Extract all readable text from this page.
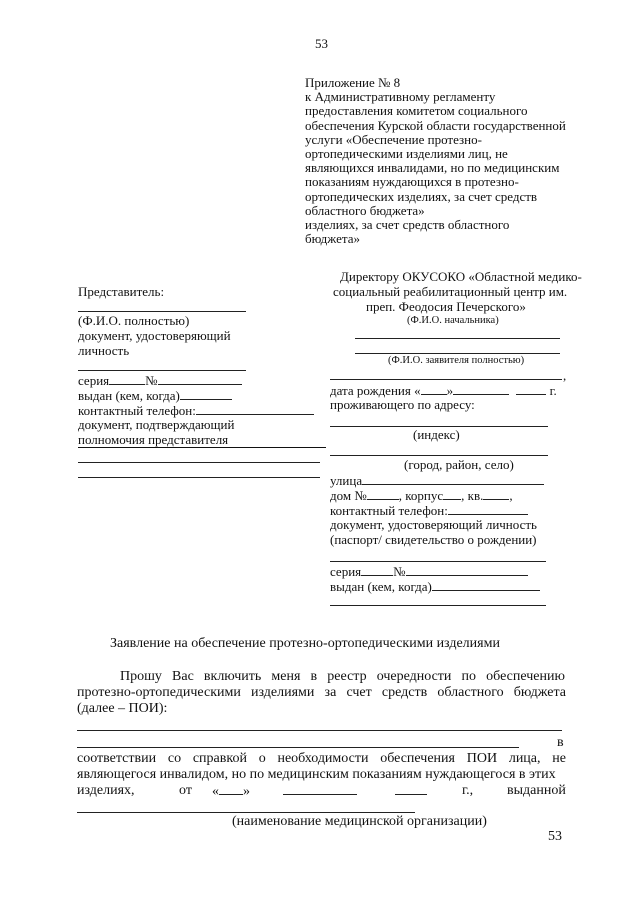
53
Приложение № 8
к Административному регламенту
предоставления комитетом социального
обеспечения Курской области государственной
услуги «Обеспечение протезно-
ортопедическими изделиями лиц, не
являющихся инвалидами, но по медицинским
показаниям нуждающихся в протезно-
ортопедических изделиях, за счет средств
областного бюджета»
изделиях, за счет средств областного
бюджета»
Директору ОКУСОКО «Областной медико-
социальный реабилитационный центр им.
преп. Феодосия Печерского»
(Ф.И.О. начальника)
(Ф.И.О. заявителя полностью)
,
дата рождения « »	г.
проживающего по адресу:
(индекс)
(город, район, село)
улица
дом № , корпус , кв. ,
контактный телефон:
документ, удостоверяющий личность
(паспорт/ свидетельство о рождении)
серия №
выдан (кем, когда)
Представитель:
(Ф.И.О. полностью)
документ, удостоверяющий
личность
серия	№
выдан (кем, когда)
контактный телефон:
документ, подтверждающий
полномочия представителя
Заявление на обеспечение протезно-ортопедическими изделиями
Прошу Вас включить меня в реестр очередности по обеспечению
протезно-ортопедическими изделиями за счет средств областного бюджета
(далее – ПОИ):
в
соответствии со справкой о необходимости обеспечения ПОИ лица, не
являющегося инвалидом, но по медицинским показаниям нуждающегося в этих
изделиях,	от « »	г., выданной
(наименование медицинской организации)
53
